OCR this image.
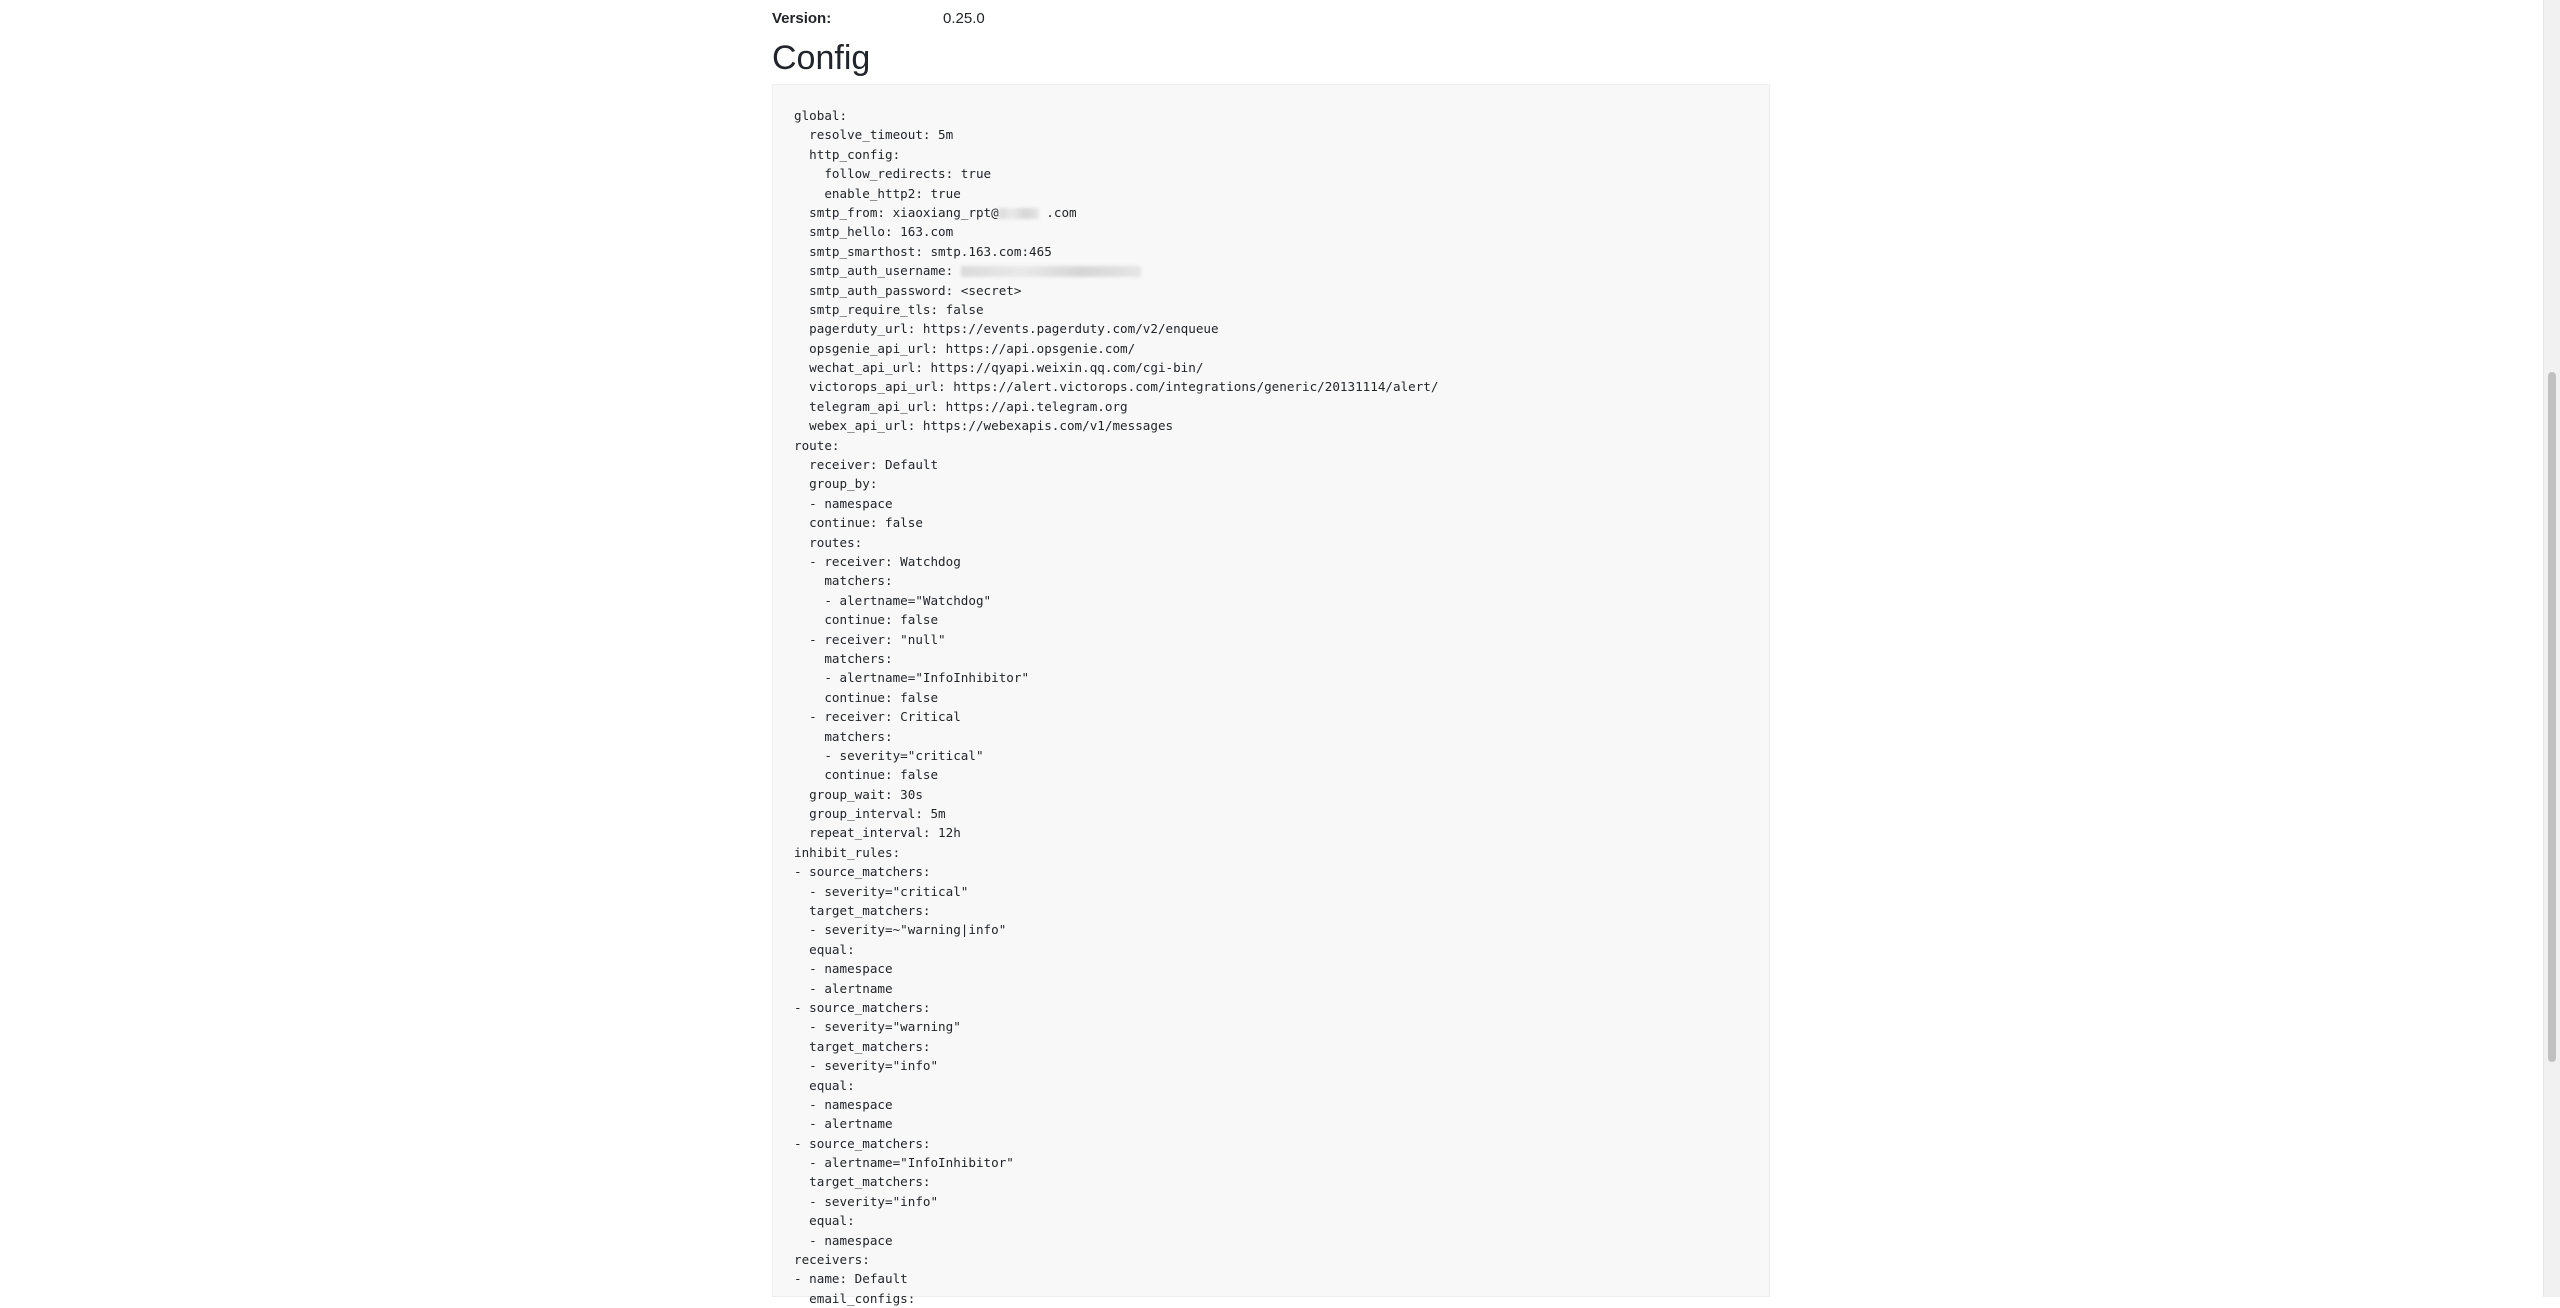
Version:	0.25.0
Config
global:
resolve_timeout: 5m
http_config:
follow_redirects: true
enable_http2: true
smtp_from: xiaoxiang_rpt@	.com
smtp_hello: 163.com
smtp_smarthost: smtp.163.com:465
smtp_auth_username:
smtp_auth_password: <secret>
smtp_require_tls: false
pagerduty_url: https://events.pagerduty.com/v2/enqueue
opsgenie_api_url: https://api.opsgenie.com/
wechat_api_url: https://qyapi.weixin.qq.com/cgi-bin/
victorops_api_url: https://alert.victorops.com/integrations/generic/20131114/alert/
telegram_api_url: https://api.telegram.org
webex_api_url: https://webexapis.com/v1/messages
route:
receiver: Default
group_by:
- namespace
continue: false
routes:
- receiver: Watchdog
matchers:
- alertname="Watchdog"
continue: false
- receiver: "null"
matchers:
- alertname="InfoInhibitor"
continue: false
- receiver: Critical
matchers:
- severity="critical"
continue: false
group_wait: 30s
group_interval: 5m
repeat_interval: 12h
inhibit_rules:
- source_matchers:
- severity="critical"
target_matchers:
- severity=~"warning|info"
equal:
- namespace
- alertname
- source_matchers:
- severity="warning"
target_matchers:
- severity="info"
equal:
- namespace
- alertname
- source_matchers:
- alertname="InfoInhibitor"
target_matchers:
- severity="info"
equal:
- namespace
receivers:
- name: Default
email_configs:
